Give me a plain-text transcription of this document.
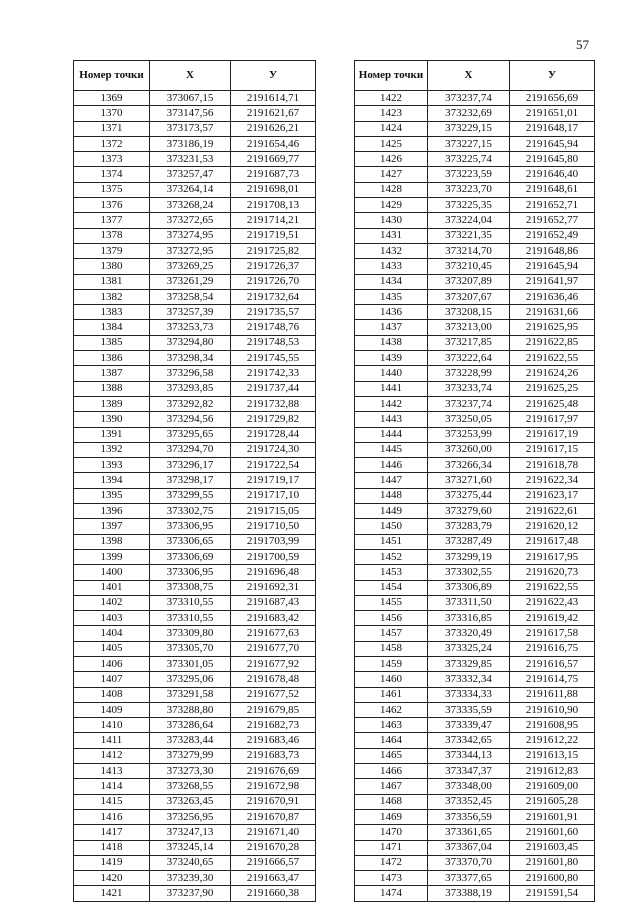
57
Номер точки	X	У
1369	373067,15	2191614,71
1370	373147,56	2191621,67
1371	373173,57	2191626,21
1372	373186,19	2191654,46
1373	373231,53	2191669,77
1374	373257,47	2191687,73
1375	373264,14	2191698,01
1376	373268,24	2191708,13
1377	373272,65	2191714,21
1378	373274,95	2191719,51
1379	373272,95	2191725,82
1380	373269,25	2191726,37
1381	373261,29	2191726,70
1382	373258,54	2191732,64
1383	373257,39	2191735,57
1384	373253,73	2191748,76
1385	373294,80	2191748,53
1386	373298,34	2191745,55
1387	373296,58	2191742,33
1388	373293,85	2191737,44
1389	373292,82	2191732,88
1390	373294,56	2191729,82
1391	373295,65	2191728,44
1392	373294,70	2191724,30
1393	373296,17	2191722,54
1394	373298,17	2191719,17
1395	373299,55	2191717,10
1396	373302,75	2191715,05
1397	373306,95	2191710,50
1398	373306,65	2191703,99
1399	373306,69	2191700,59
1400	373306,95	2191696,48
1401	373308,75	2191692,31
1402	373310,55	2191687,43
1403	373310,55	2191683,42
1404	373309,80	2191677,63
1405	373305,70	2191677,70
1406	373301,05	2191677,92
1407	373295,06	2191678,48
1408	373291,58	2191677,52
1409	373288,80	2191679,85
1410	373286,64	2191682,73
1411	373283,44	2191683,46
1412	373279,99	2191683,73
1413	373273,30	2191676,69
1414	373268,55	2191672,98
1415	373263,45	2191670,91
1416	373256,95	2191670,87
1417	373247,13	2191671,40
1418	373245,14	2191670,28
1419	373240,65	2191666,57
1420	373239,30	2191663,47
1421	373237,90	2191660,38
Номер точки	X	У
1422	373237,74	2191656,69
1423	373232,69	2191651,01
1424	373229,15	2191648,17
1425	373227,15	2191645,94
1426	373225,74	2191645,80
1427	373223,59	2191646,40
1428	373223,70	2191648,61
1429	373225,35	2191652,71
1430	373224,04	2191652,77
1431	373221,35	2191652,49
1432	373214,70	2191648,86
1433	373210,45	2191645,94
1434	373207,89	2191641,97
1435	373207,67	2191636,46
1436	373208,15	2191631,66
1437	373213,00	2191625,95
1438	373217,85	2191622,85
1439	373222,64	2191622,55
1440	373228,99	2191624,26
1441	373233,74	2191625,25
1442	373237,74	2191625,48
1443	373250,05	2191617,97
1444	373253,99	2191617,19
1445	373260,00	2191617,15
1446	373266,34	2191618,78
1447	373271,60	2191622,34
1448	373275,44	2191623,17
1449	373279,60	2191622,61
1450	373283,79	2191620,12
1451	373287,49	2191617,48
1452	373299,19	2191617,95
1453	373302,55	2191620,73
1454	373306,89	2191622,55
1455	373311,50	2191622,43
1456	373316,85	2191619,42
1457	373320,49	2191617,58
1458	373325,24	2191616,75
1459	373329,85	2191616,57
1460	373332,34	2191614,75
1461	373334,33	2191611,88
1462	373335,59	2191610,90
1463	373339,47	2191608,95
1464	373342,65	2191612,22
1465	373344,13	2191613,15
1466	373347,37	2191612,83
1467	373348,00	2191609,00
1468	373352,45	2191605,28
1469	373356,59	2191601,91
1470	373361,65	2191601,60
1471	373367,04	2191603,45
1472	373370,70	2191601,80
1473	373377,65	2191600,80
1474	373388,19	2191591,54
